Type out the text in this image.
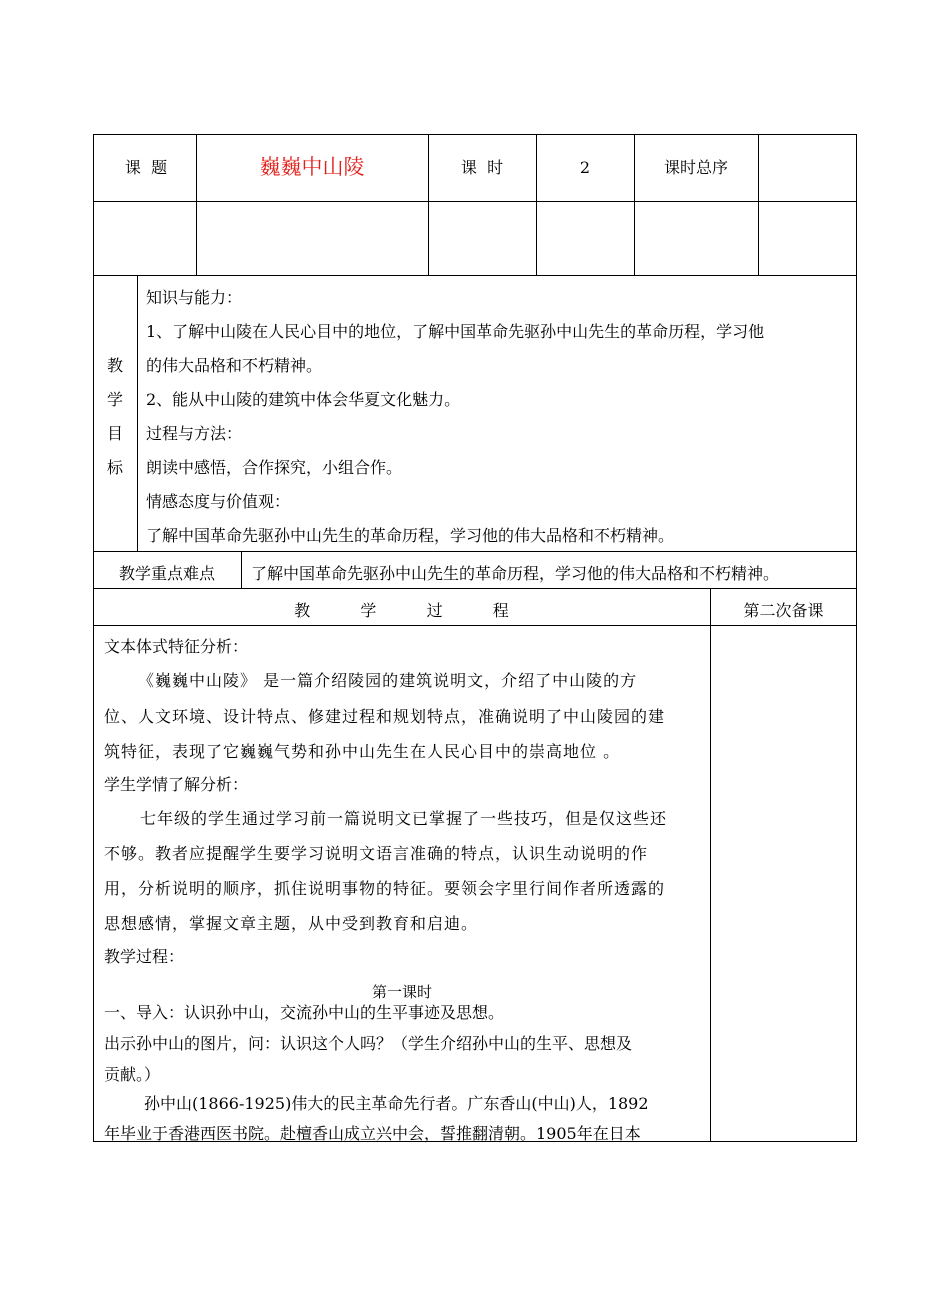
课  题	巍巍中山陵	课  时	2	课时总序
教
学
目
标
知识与能力：
1、了解中山陵在人民心目中的地位，了解中国革命先驱孙中山先生的革命历程，学习他
的伟大品格和不朽精神。
2、能从中山陵的建筑中体会华夏文化魅力。
过程与方法：
朗读中感悟，合作探究，小组合作。
情感态度与价值观：
了解中国革命先驱孙中山先生的革命历程，学习他的伟大品格和不朽精神。
教学重点难点	了解中国革命先驱孙中山先生的革命历程，学习他的伟大品格和不朽精神。
教  学  过  程	第二次备课
文本体式特征分析：
《巍巍中山陵》 是一篇介绍陵园的建筑说明文，介绍了中山陵的方
位、人文环境、设计特点、修建过程和规划特点，准确说明了中山陵园的建
筑特征，表现了它巍巍气势和孙中山先生在人民心目中的崇高地位 。
学生学情了解分析：
七年级的学生通过学习前一篇说明文已掌握了一些技巧，但是仅这些还
不够。教者应提醒学生要学习说明文语言准确的特点，认识生动说明的作
用，分析说明的顺序，抓住说明事物的特征。要领会字里行间作者所透露的
思想感情，掌握文章主题，从中受到教育和启迪。
教学过程：
第一课时
一、导入：认识孙中山，交流孙中山的生平事迹及思想。
出示孙中山的图片，问：认识这个人吗？（学生介绍孙中山的生平、思想及
贡献。）
孙中山(1866-1925)伟大的民主革命先行者。广东香山(中山)人，1892
年毕业于香港西医书院。赴檀香山成立兴中会，誓推翻清朝。1905年在日本
